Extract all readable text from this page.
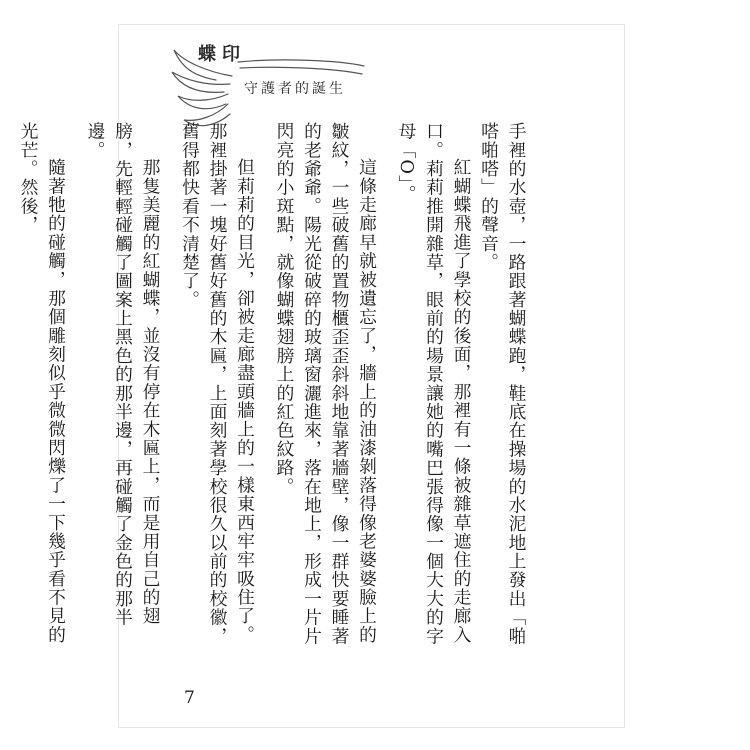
蝶印
守護者的誕生

手裡的水壺，一路跟著蝴蝶跑，鞋底在操場的水泥地上發出「啪嗒啪嗒」的聲音。

紅蝴蝶飛進了學校的後面，那裡有一條被雜草遮住的走廊入口。莉莉推開雜草，眼前的場景讓她的嘴巴張得像一個大大的字母「O」。

這條走廊早就被遺忘了，牆上的油漆剝落得像老婆婆臉上的皺紋，一些破舊的置物櫃歪歪斜斜地靠著牆壁，像一群快要睡著的老爺爺。陽光從破碎的玻璃窗灑進來，落在地上，形成一片片閃亮的小斑點，就像蝴蝶翅膀上的紅色紋路。

但莉莉的目光，卻被走廊盡頭牆上的一樣東西牢牢吸住了。那裡掛著一塊好舊好舊的木匾，上面刻著學校很久以前的校徽，舊得都快看不清楚了。

那隻美麗的紅蝴蝶，並沒有停在木匾上，而是用自己的翅膀，先輕輕碰觸了圖案上黑色的那半邊，再碰觸了金色的那半邊。

隨著牠的碰觸，那個雕刻似乎微微閃爍了一下幾乎看不見的光芒。然後，

7
